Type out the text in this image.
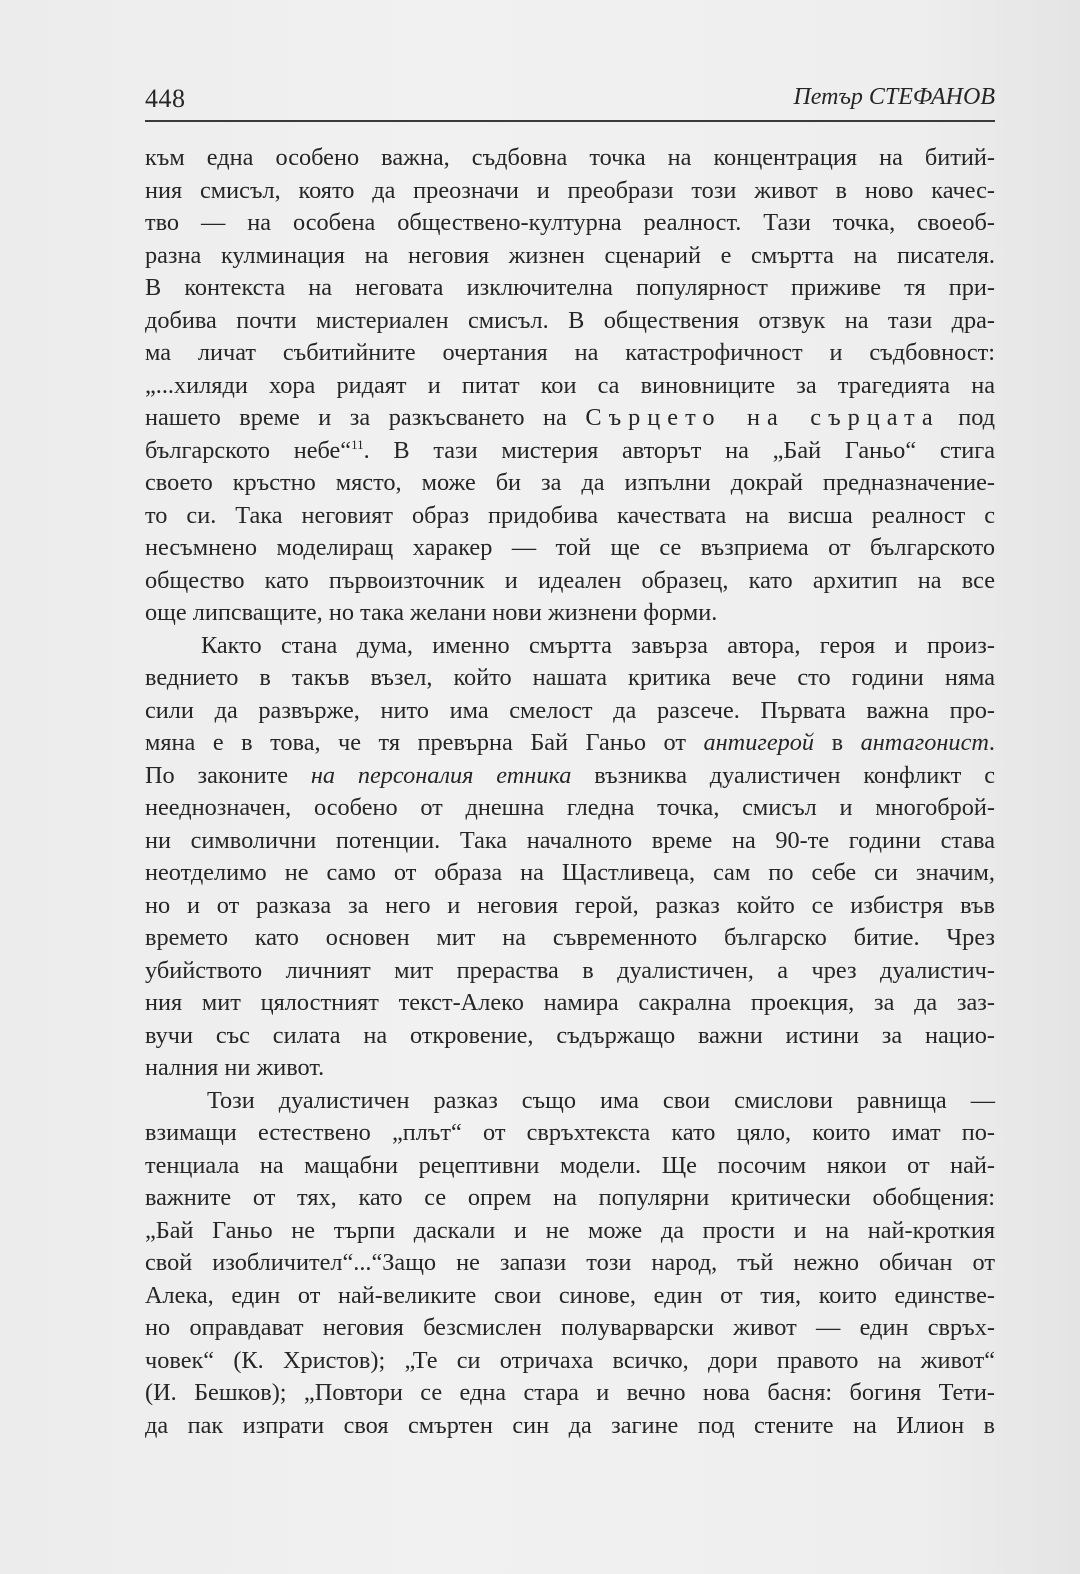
448	Петър СТЕФАНОВ
към една особено важна, съдбовна точка на концентрация на битий-
ния смисъл, която да преозначи и преобрази този живот в ново качес-
тво — на особена обществено-културна реалност. Тази точка, своеоб-
разна кулминация на неговия жизнен сценарий е смъртта на писателя.
В контекста на неговата изключителна популярност приживе тя при-
добива почти мистериален смисъл. В обществения отзвук на тази дра-
ма личат събитийните очертания на катастрофичност и съдбовност:
„...хиляди хора ридаят и питат кои са виновниците за трагедията на
нашето време и за разкъсването на Сърцето на сърцата под
българското небе“$^{11}$. В тази мистерия авторът на „Бай Ганьо“ стига
своето кръстно място, може би за да изпълни докрай предназначение-
то си. Така неговият образ придобива качествата на висша реалност с
несъмнено моделиращ харакер — той ще се възприема от българското
общество като първоизточник и идеален образец, като архитип на все
още липсващите, но така желани нови жизнени форми.
Както стана дума, именно смъртта завърза автора, героя и произ-
веднието в такъв възел, който нашата критика вече сто години няма
сили да развърже, нито има смелост да разсече. Първата важна про-
мяна е в това, че тя превърна Бай Ганьо от антигерой в антагонист.
По законите на персоналия етника възниква дуалистичен конфликт с
нееднозначен, особено от днешна гледна точка, смисъл и многобрoй-
ни символични потенции. Така началното време на 90-те години става
неотделимо не само от образа на Щастливеца, сам по себе си значим,
но и от разказа за него и неговия герой, разказ който се избистря във
времето като основен мит на съвременното българско битие. Чрез
убийството личният мит прераства в дуалистичен, а чрез дуалистич-
ния мит цялостният текст-Алеко намира сакрална проекция, за да заз-
вучи със силата на откровение, съдържащо важни истини за нацио-
налния ни живот.
Този дуалистичен разказ също има свои смислови равнища —
взимащи естествено „плът“ от свръхтекста като цяло, които имат по-
тенциала на мащабни рецептивни модели. Ще посочим някои от най-
важните от тях, като се опрем на популярни критически обобщения:
„Бай Ганьо не търпи даскали и не може да прости и на най-кроткия
свой изобличител“...“Защо не запази този народ, тъй нежно обичан от
Алека, един от най-великите свои синове, един от тия, които единстве-
но оправдават неговия безсмислен полуварварски живот — един свръх-
човек“ (К. Христов); „Те си отричаха всичко, дори правото на живот“
(И. Бешков); „Повтори се една стара и вечно нова басня: богиня Тети-
да пак изпрати своя смъртен син да загине под стените на Илион в
